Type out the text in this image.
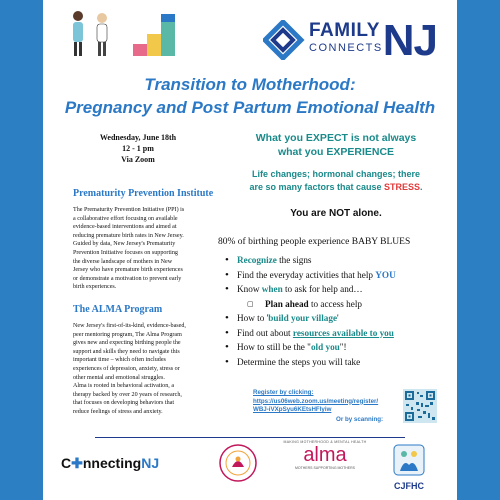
FAMILY
CONNECTS NJ
Transition to Motherhood:
Pregnancy and Post Partum Emotional Health
Wednesday, June 18th
12 - 1 pm
Via Zoom
Prematurity Prevention Institute
The Prematurity Prevention Initiative (PPI) is
a collaborative effort focusing on available
evidence-based interventions and aimed at
reducing premature birth rates in New Jersey.
Guided by data, New Jersey's Prematurity
Prevention Initiative focuses on supporting
the diverse landscape of mothers in New
Jersey who have premature birth experiences
or demonstrate a motivation to prevent early
birth experiences.
The ALMA Program
New Jersey's first-of-its-kind, evidence-based,
peer mentoring program, The Alma Program
gives new and expecting birthing people the
support and skills they need to navigate this
important time – which often includes
experiences of depression, anxiety, stress or
other mental and emotional struggles.
Alma is rooted in behavioral activation, a
therapy backed by over 20 years of research,
that focuses on developing behaviors that
reduce feelings of stress and anxiety.
What you EXPECT is not always
what you EXPERIENCE
Life changes; hormonal changes; there
are so many factors that cause STRESS.
You are NOT alone.
80% of birthing people experience BABY BLUES
• Recognize the signs
• Find the everyday activities that help YOU
• Know when to ask for help and…
▢ Plan ahead to access help
• How to 'build your village'
• Find out about resources available to you
• How to still be the "old you"!
• Determine the steps you will take
Register by clicking:
https://us06web.zoom.us/meeting/register/
WBJ-iVXpSyu6KEtsHFIyiw
Or by scanning:
C✚nnectingNJ
MAKING MOTHERHOOD & MENTAL HEALTH
alma
MOTHERS SUPPORTING MOTHERS
CJFHC
